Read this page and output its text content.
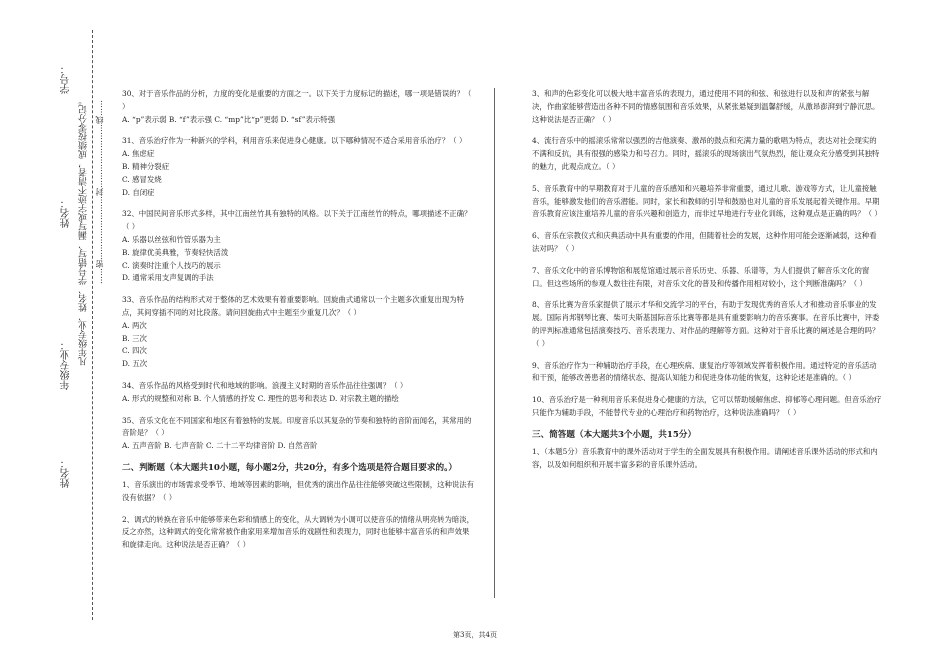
学号：
姓名：
年级专业：
姓名：
凡年级专业、姓名、学号错写、漏写或字迹不清者，成绩按零分记。 ……密……………………封……………………线……

30、对于音乐作品的分析，力度的变化是重要的方面之一。以下关于力度标记的描述，哪一项是错误的？（ ）

A. “p”表示弱 B. “f”表示强 C. “mp”比“p”更弱 D. “sf”表示特强

31、音乐治疗作为一种新兴的学科，利用音乐来促进身心健康。以下哪种情况不适合采用音乐治疗？（ ）

A. 焦虑症

B. 精神分裂症

C. 感冒发烧

D. 自闭症

32、中国民间音乐形式多样，其中江南丝竹具有独特的风格。以下关于江南丝竹的特点，哪项描述不正确？（ ）

A. 乐器以丝弦和竹管乐器为主

B. 旋律优美典雅，节奏轻快活泼

C. 演奏时注重个人技巧的展示

D. 通常采用支声复调的手法

33、音乐作品的结构形式对于整体的艺术效果有着重要影响。回旋曲式通常以一个主题多次重复出现为特点，其间穿插不同的对比段落。请问回旋曲式中主题至少重复几次？（ ）

A. 两次

B. 三次

C. 四次

D. 五次

34、音乐作品的风格受到时代和地域的影响。浪漫主义时期的音乐作品往往强调？（ ）

A. 形式的规整和对称 B. 个人情感的抒发 C. 理性的思考和表达 D. 对宗教主题的描绘

35、音乐文化在不同国家和地区有着独特的发展。印度音乐以其复杂的节奏和独特的音阶而闻名，其常用的音阶是？（ ）

A. 五声音阶 B. 七声音阶 C. 二十二平均律音阶 D. 自然音阶

二、判断题（本大题共10小题，每小题2分，共20分，有多个选项是符合题目要求的。）

1、音乐演出的市场需求受季节、地域等因素的影响，但优秀的演出作品往往能够突破这些限制，这种说法有没有依据？（ ）

2、调式的转换在音乐中能够带来色彩和情感上的变化，从大调转为小调可以使音乐的情绪从明亮转为暗淡，反之亦然，这种调式的变化常常被作曲家用来增加音乐的戏剧性和表现力，同时也能够丰富音乐的和声效果和旋律走向。这种说法是否正确？（ ）

3、和声的色彩变化可以极大地丰富音乐的表现力，通过使用不同的和弦、和弦进行以及和声的紧张与解决，作曲家能够营造出各种不同的情感氛围和音乐效果，从紧张悬疑到温馨舒缓，从激昂澎湃到宁静沉思。这种说法是否正确？（ ）

4、流行音乐中的摇滚乐常常以强烈的吉他演奏、激昂的鼓点和充满力量的歌唱为特点，表达对社会现实的不满和反抗，具有很强的感染力和号召力。同时，摇滚乐的现场演出气氛热烈，能让观众充分感受到其独特的魅力，此观点成立。（ ）

5、音乐教育中的早期教育对于儿童的音乐感知和兴趣培养非常重要，通过儿歌、游戏等方式，让儿童接触音乐，能够激发他们的音乐潜能。同时，家长和教师的引导和鼓励也对儿童的音乐发展起着关键作用。早期音乐教育应该注重培养儿童的音乐兴趣和创造力，而非过早地进行专业化训练，这种观点是正确的吗？（ ）

6、音乐在宗教仪式和庆典活动中具有重要的作用，但随着社会的发展，这种作用可能会逐渐减弱，这种看法对吗？（ ）

7、音乐文化中的音乐博物馆和展览馆通过展示音乐历史、乐器、乐谱等，为人们提供了解音乐文化的窗口。但这些场所的参观人数往往有限，对音乐文化的普及和传播作用相对较小，这个判断准确吗？（ ）

8、音乐比赛为音乐家提供了展示才华和交流学习的平台，有助于发现优秀的音乐人才和推动音乐事业的发展。国际肖邦钢琴比赛、柴可夫斯基国际音乐比赛等都是具有重要影响力的音乐赛事。在音乐比赛中，评委的评判标准通常包括演奏技巧、音乐表现力、对作品的理解等方面。这种对于音乐比赛的阐述是合理的吗？（ ）

9、音乐治疗作为一种辅助治疗手段，在心理疾病、康复治疗等领域发挥着积极作用。通过特定的音乐活动和干预，能够改善患者的情绪状态、提高认知能力和促进身体功能的恢复，这种论述是准确的。（ ）

10、音乐治疗是一种利用音乐来促进身心健康的方法，它可以帮助缓解焦虑、抑郁等心理问题。但音乐治疗只能作为辅助手段，不能替代专业的心理治疗和药物治疗，这种说法准确吗？（ ）

三、简答题（本大题共3个小题，共15分）

1、（本题5分）音乐教育中的课外活动对于学生的全面发展具有积极作用。请阐述音乐课外活动的形式和内容，以及如何组织和开展丰富多彩的音乐课外活动。

第3页，共4页
